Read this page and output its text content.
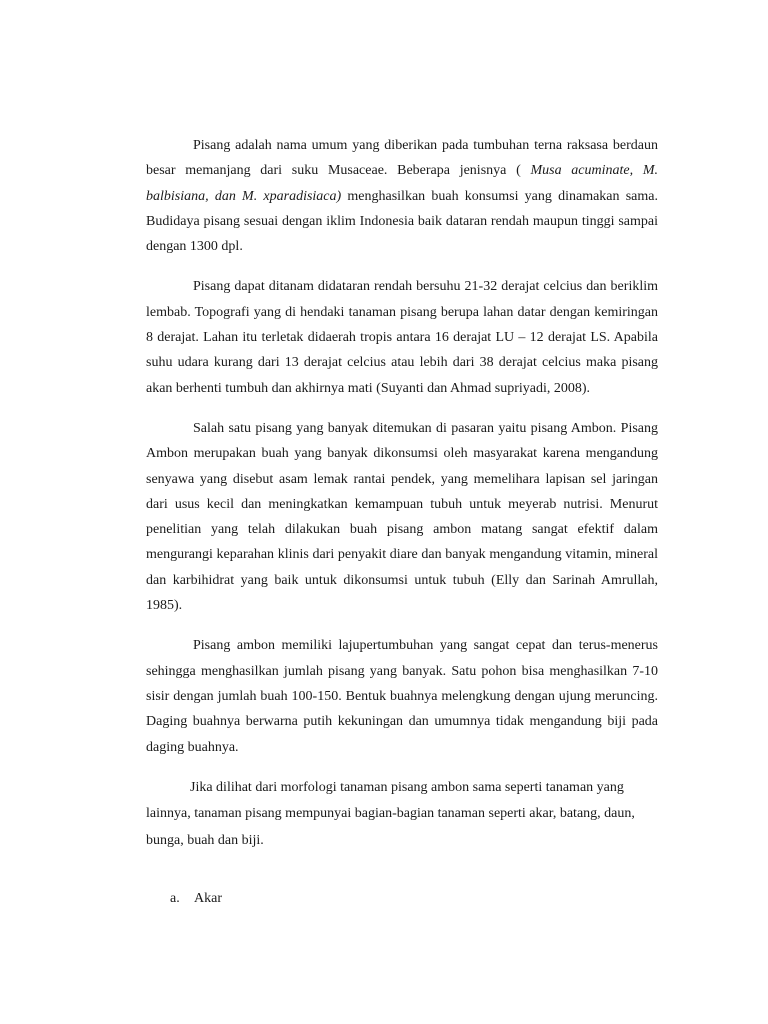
Pisang adalah nama umum yang diberikan pada tumbuhan terna raksasa berdaun besar memanjang dari suku Musaceae. Beberapa jenisnya ( Musa acuminate, M. balbisiana, dan M. xparadisiaca) menghasilkan buah konsumsi yang dinamakan sama. Budidaya pisang sesuai dengan iklim Indonesia baik dataran rendah maupun tinggi sampai dengan 1300 dpl.

Pisang dapat ditanam didataran rendah bersuhu 21-32 derajat celcius dan beriklim lembab. Topografi yang di hendaki tanaman pisang berupa lahan datar dengan kemiringan 8 derajat. Lahan itu terletak didaerah tropis antara 16 derajat LU – 12 derajat LS. Apabila suhu udara kurang dari 13 derajat celcius atau lebih dari 38 derajat celcius maka pisang akan berhenti tumbuh dan akhirnya mati (Suyanti dan Ahmad supriyadi, 2008).

Salah satu pisang yang banyak ditemukan di pasaran yaitu pisang Ambon. Pisang Ambon merupakan buah yang banyak dikonsumsi oleh masyarakat karena mengandung senyawa yang disebut asam lemak rantai pendek, yang memelihara lapisan sel jaringan dari usus kecil dan meningkatkan kemampuan tubuh untuk meyerab nutrisi. Menurut penelitian yang telah dilakukan buah pisang ambon matang sangat efektif dalam mengurangi keparahan klinis dari penyakit diare dan banyak mengandung vitamin, mineral dan karbihidrat yang baik untuk dikonsumsi untuk tubuh (Elly dan Sarinah Amrullah, 1985).

Pisang ambon memiliki lajupertumbuhan yang sangat cepat dan terus-menerus sehingga menghasilkan jumlah pisang yang banyak. Satu pohon bisa menghasilkan 7-10 sisir dengan jumlah buah 100-150. Bentuk buahnya melengkung dengan ujung meruncing. Daging buahnya berwarna putih kekuningan dan umumnya tidak mengandung biji pada daging buahnya.

Jika dilihat dari morfologi tanaman pisang ambon sama seperti tanaman yang lainnya, tanaman pisang mempunyai bagian-bagian tanaman seperti akar, batang, daun, bunga, buah dan biji.

a. Akar
